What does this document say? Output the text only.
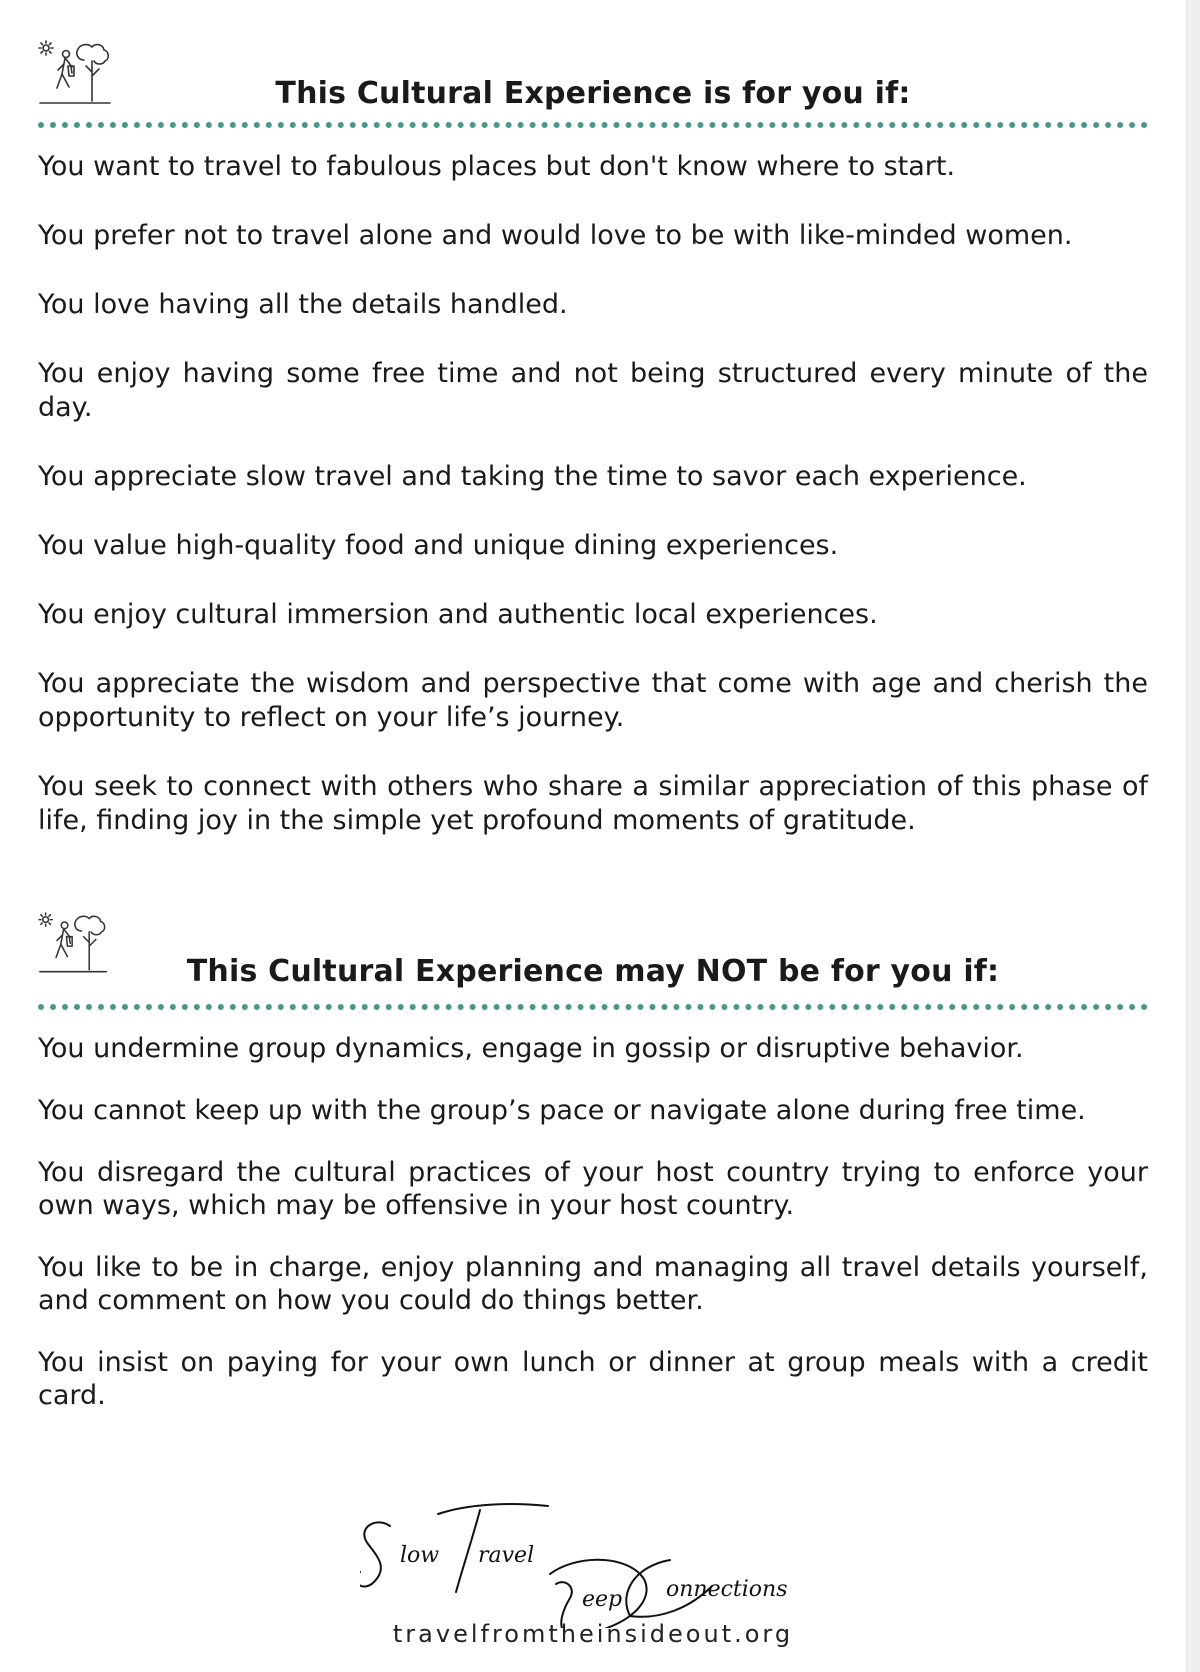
This Cultural Experience is for you if:
You want to travel to fabulous places but don't know where to start.
You prefer not to travel alone and would love to be with like-minded women.
You love having all the details handled.
You enjoy having some free time and not being structured every minute of the day.
You appreciate slow travel and taking the time to savor each experience.
You value high-quality food and unique dining experiences.
You enjoy cultural immersion and authentic local experiences.
You appreciate the wisdom and perspective that come with age and cherish the opportunity to reflect on your life’s journey.
You seek to connect with others who share a similar appreciation of this phase of life, finding joy in the simple yet profound moments of gratitude.
This Cultural Experience may NOT be for you if:
You undermine group dynamics, engage in gossip or disruptive behavior.
You cannot keep up with the group’s pace or navigate alone during free time.
You disregard the cultural practices of your host country trying to enforce your own ways, which may be offensive in your host country.
You like to be in charge, enjoy planning and managing all travel details yourself, and comment on how you could do things better.
You insist on paying for your own lunch or dinner at group meals with a credit card.
low ravel
eep onnections
travelfromtheinsideout.org
